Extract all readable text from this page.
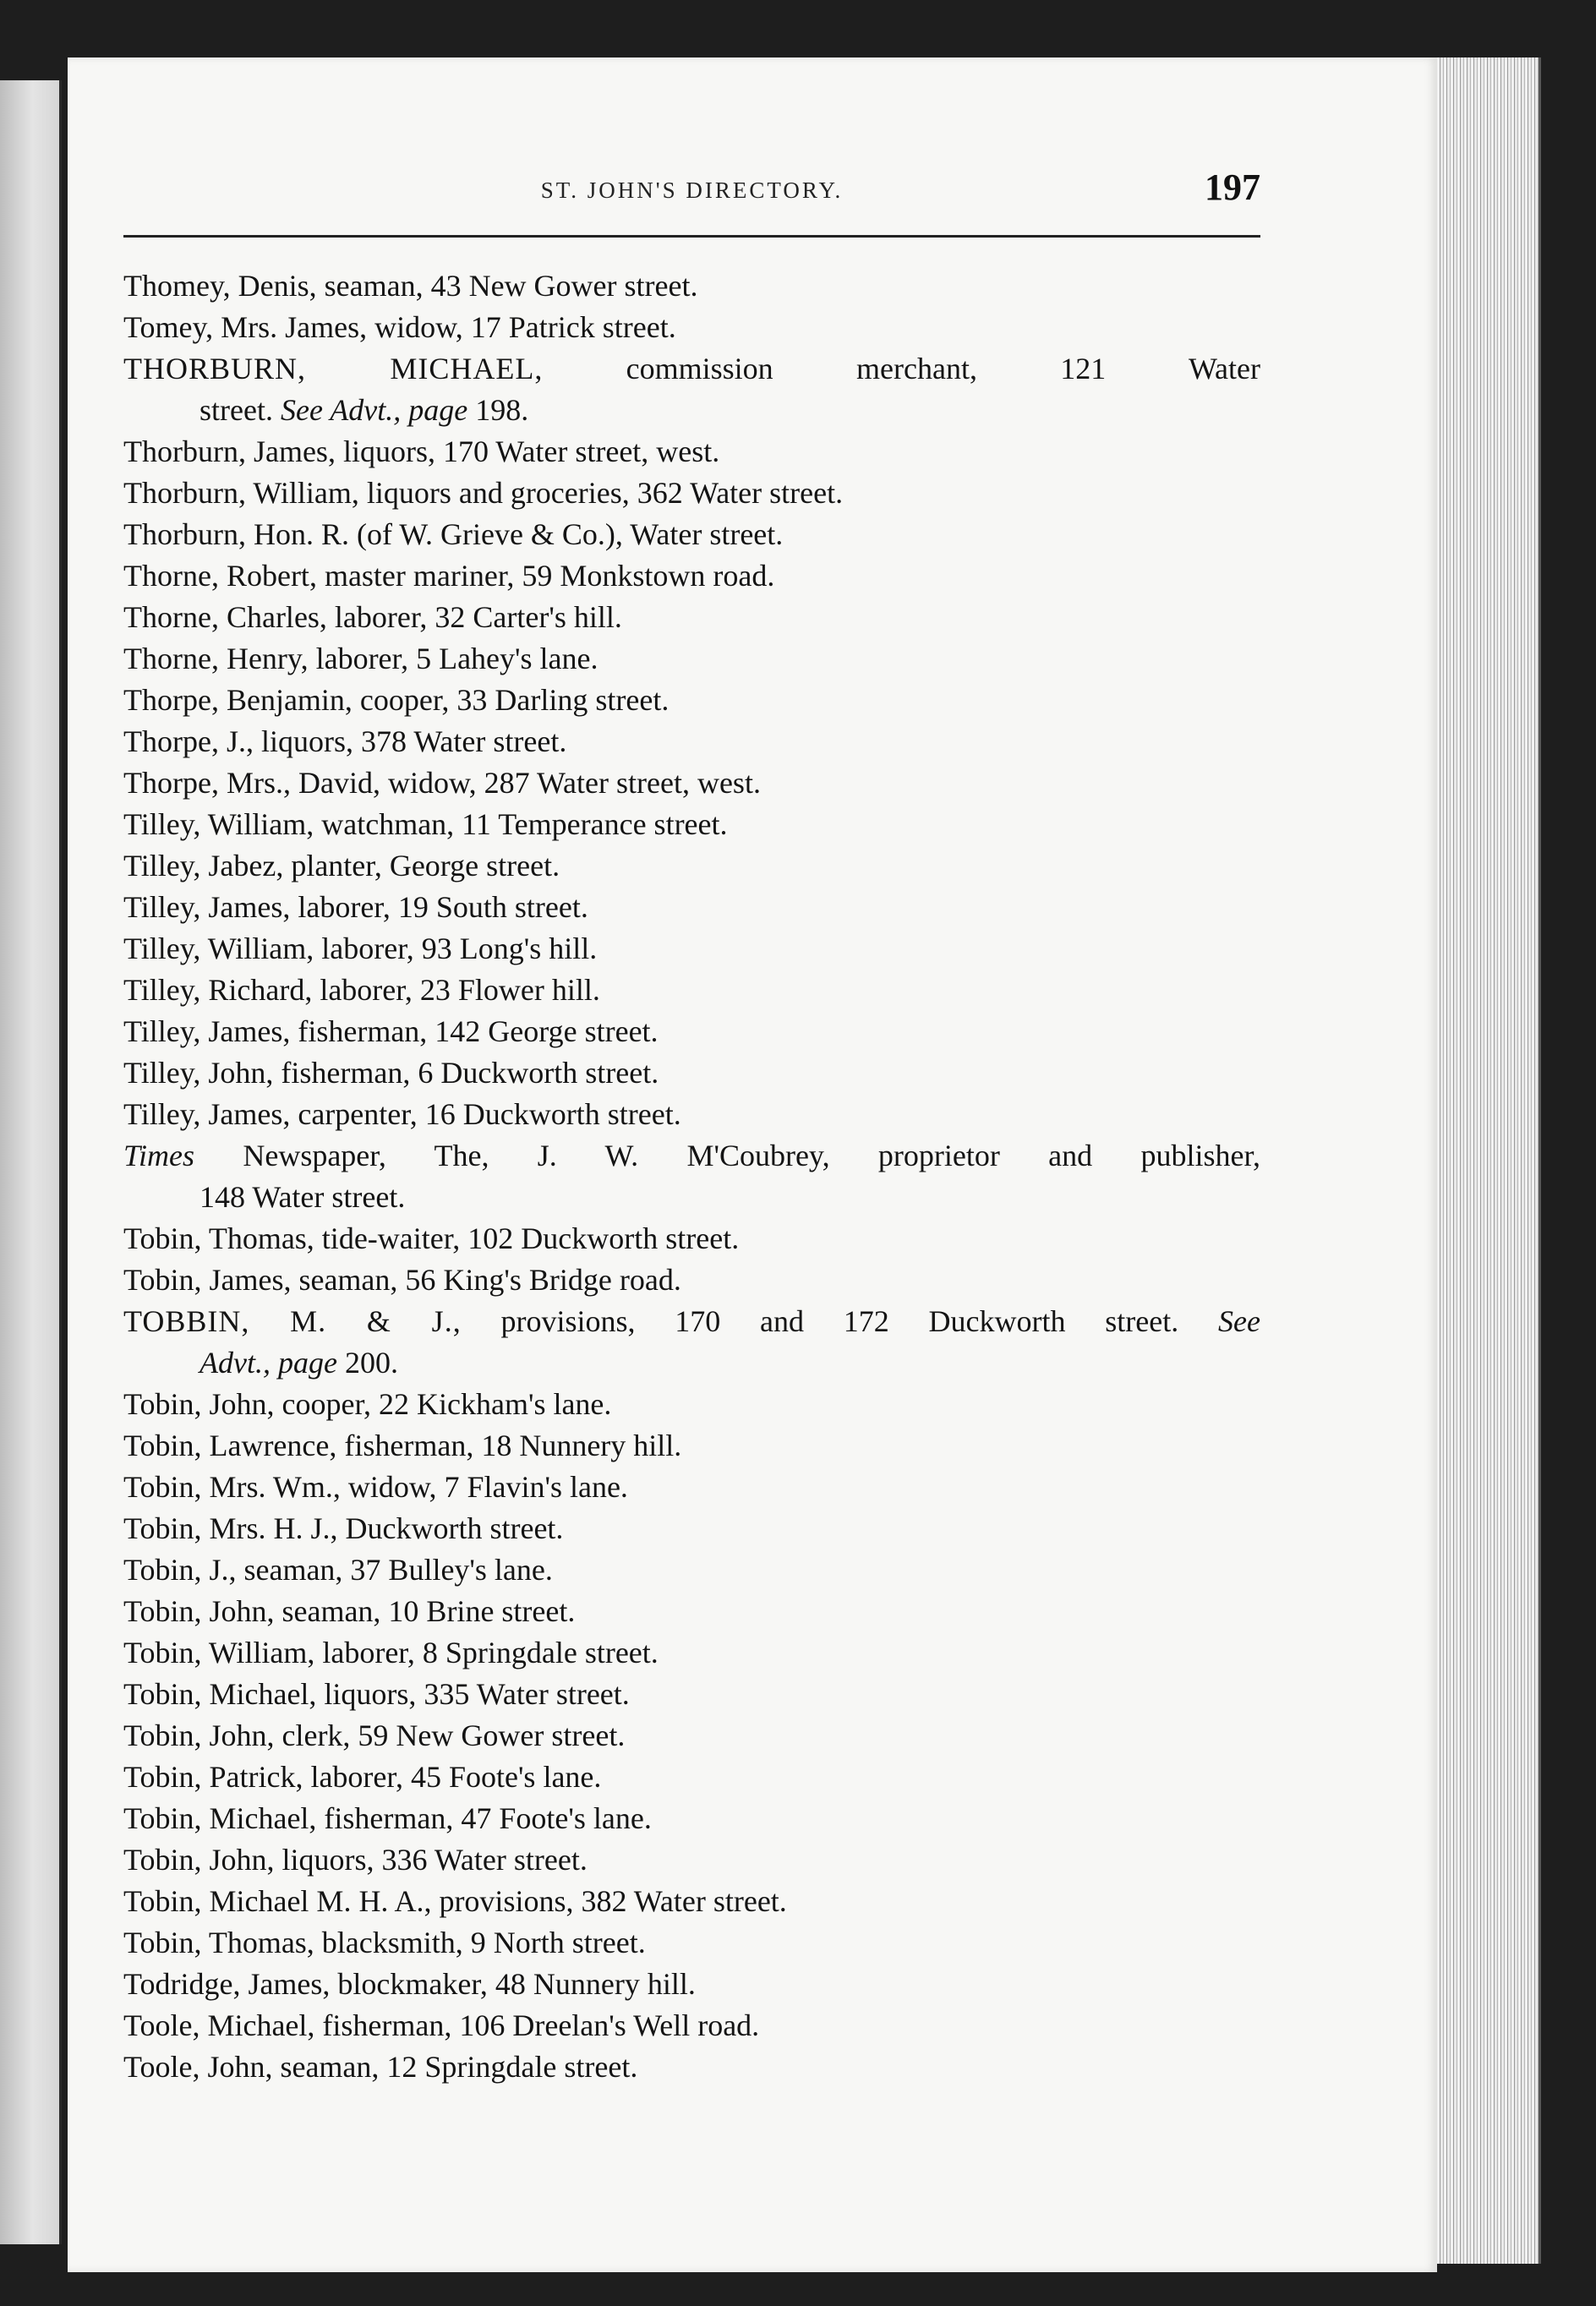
ST. JOHN'S DIRECTORY.	197
Thomey, Denis, seaman, 43 New Gower street.
Tomey, Mrs. James, widow, 17 Patrick street.
THORBURN, MICHAEL, commission merchant, 121 Water
street. See Advt., page 198.
Thorburn, James, liquors, 170 Water street, west.
Thorburn, William, liquors and groceries, 362 Water street.
Thorburn, Hon. R. (of W. Grieve & Co.), Water street.
Thorne, Robert, master mariner, 59 Monkstown road.
Thorne, Charles, laborer, 32 Carter's hill.
Thorne, Henry, laborer, 5 Lahey's lane.
Thorpe, Benjamin, cooper, 33 Darling street.
Thorpe, J., liquors, 378 Water street.
Thorpe, Mrs., David, widow, 287 Water street, west.
Tilley, William, watchman, 11 Temperance street.
Tilley, Jabez, planter, George street.
Tilley, James, laborer, 19 South street.
Tilley, William, laborer, 93 Long's hill.
Tilley, Richard, laborer, 23 Flower hill.
Tilley, James, fisherman, 142 George street.
Tilley, John, fisherman, 6 Duckworth street.
Tilley, James, carpenter, 16 Duckworth street.
Times Newspaper, The, J. W. M'Coubrey, proprietor and publisher,
148 Water street.
Tobin, Thomas, tide-waiter, 102 Duckworth street.
Tobin, James, seaman, 56 King's Bridge road.
TOBBIN, M. & J., provisions, 170 and 172 Duckworth street. See
Advt., page 200.
Tobin, John, cooper, 22 Kickham's lane.
Tobin, Lawrence, fisherman, 18 Nunnery hill.
Tobin, Mrs. Wm., widow, 7 Flavin's lane.
Tobin, Mrs. H. J., Duckworth street.
Tobin, J., seaman, 37 Bulley's lane.
Tobin, John, seaman, 10 Brine street.
Tobin, William, laborer, 8 Springdale street.
Tobin, Michael, liquors, 335 Water street.
Tobin, John, clerk, 59 New Gower street.
Tobin, Patrick, laborer, 45 Foote's lane.
Tobin, Michael, fisherman, 47 Foote's lane.
Tobin, John, liquors, 336 Water street.
Tobin, Michael M. H. A., provisions, 382 Water street.
Tobin, Thomas, blacksmith, 9 North street.
Todridge, James, blockmaker, 48 Nunnery hill.
Toole, Michael, fisherman, 106 Dreelan's Well road.
Toole, John, seaman, 12 Springdale street.
